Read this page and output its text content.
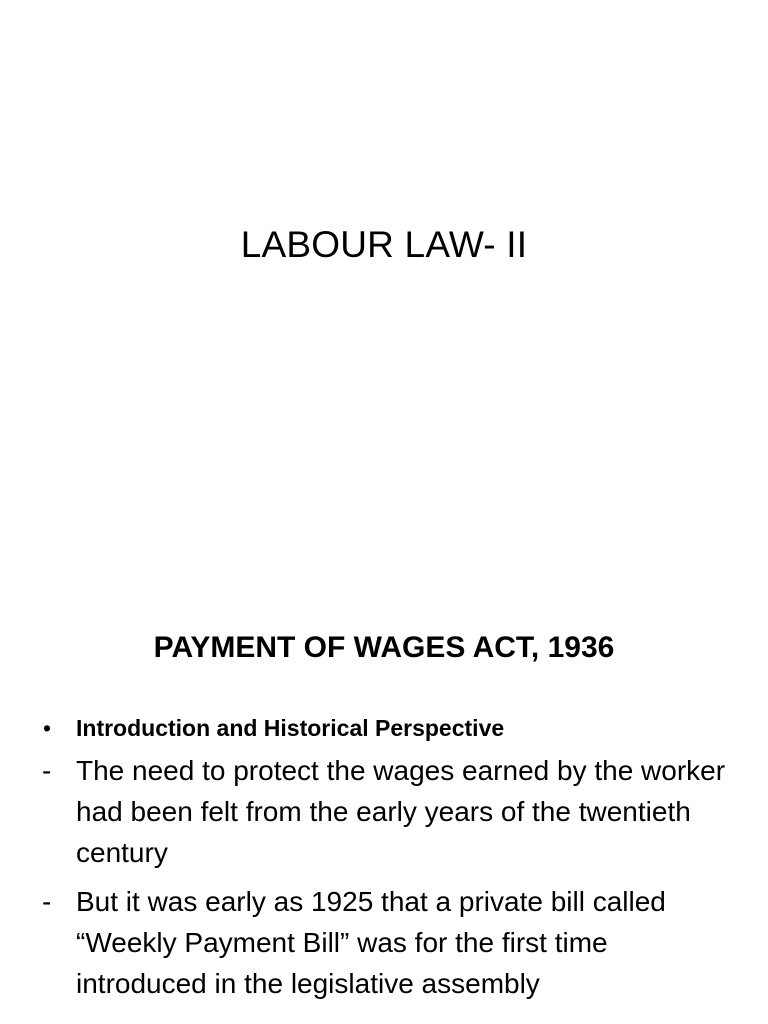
LABOUR LAW- II
PAYMENT OF WAGES ACT, 1936
• Introduction and Historical Perspective
- The need to protect the wages earned by the worker had been felt from the early years of the twentieth century
- But it was early as 1925 that a private bill called “Weekly Payment Bill” was for the first time introduced in the legislative assembly
